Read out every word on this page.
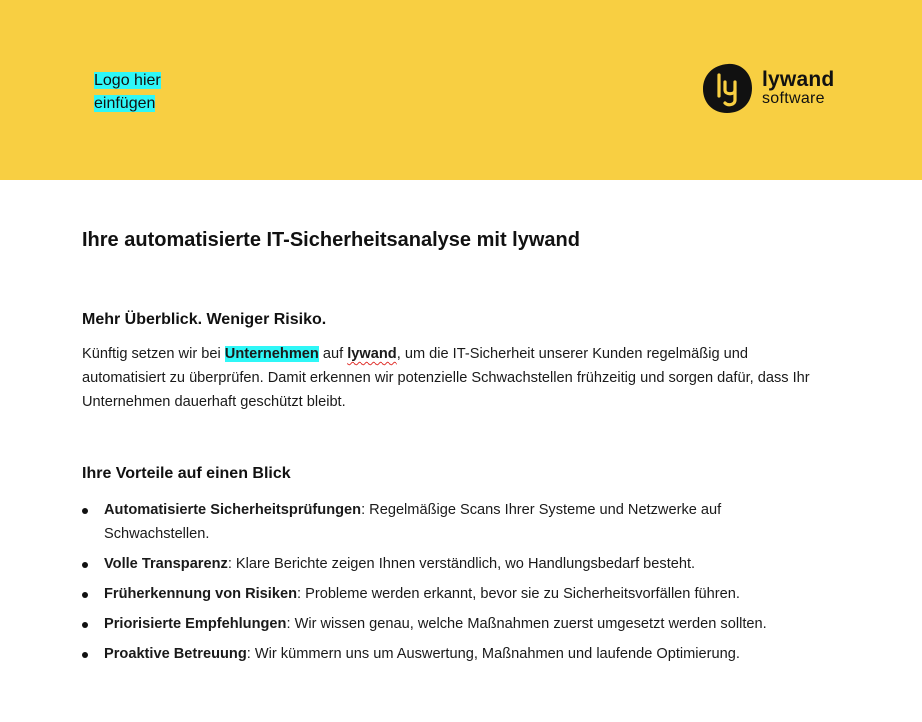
Logo hier
einfügen
lywand
software
Ihre automatisierte IT-Sicherheitsanalyse mit lywand
Mehr Überblick. Weniger Risiko.

Künftig setzen wir bei Unternehmen auf lywand, um die IT-Sicherheit unserer Kunden regelmäßig und automatisiert zu überprüfen. Damit erkennen wir potenzielle Schwachstellen frühzeitig und sorgen dafür, dass Ihr Unternehmen dauerhaft geschützt bleibt.

Ihre Vorteile auf einen Blick
Automatisierte Sicherheitsprüfungen: Regelmäßige Scans Ihrer Systeme und Netzwerke auf Schwachstellen.
Volle Transparenz: Klare Berichte zeigen Ihnen verständlich, wo Handlungsbedarf besteht.
Früherkennung von Risiken: Probleme werden erkannt, bevor sie zu Sicherheitsvorfällen führen.
Priorisierte Empfehlungen: Wir wissen genau, welche Maßnahmen zuerst umgesetzt werden sollten.
Proaktive Betreuung: Wir kümmern uns um Auswertung, Maßnahmen und laufende Optimierung.
